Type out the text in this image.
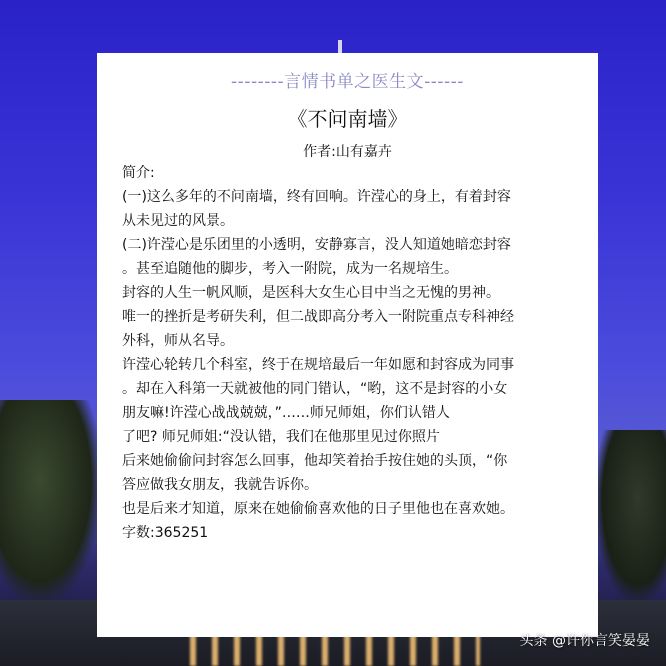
--------言情书单之医生文------
《不问南墙》
作者:山有嘉卉
简介:
(一)这么多年的不问南墙，终有回响。许滢心的身上，有着封容
从未见过的风景。
(二)许滢心是乐团里的小透明，安静寡言，没人知道她暗恋封容
。甚至追随他的脚步，考入一附院，成为一名规培生。
封容的人生一帆风顺，是医科大女生心目中当之无愧的男神。
唯一的挫折是考研失利，但二战即高分考入一附院重点专科神经
外科，师从名导。
许滢心轮转几个科室，终于在规培最后一年如愿和封容成为同事
。却在入科第一天就被他的同门错认，“哟，这不是封容的小女
朋友嘛!许滢心战战兢兢，”……师兄师姐，你们认错人
了吧? 师兄师姐:“没认错，我们在他那里见过你照片
后来她偷偷问封容怎么回事，他却笑着抬手按住她的头顶，“你
答应做我女朋友，我就告诉你。
也是后来才知道，原来在她偷偷喜欢他的日子里他也在喜欢她。
字数:365251
头条 @许你言笑晏晏
